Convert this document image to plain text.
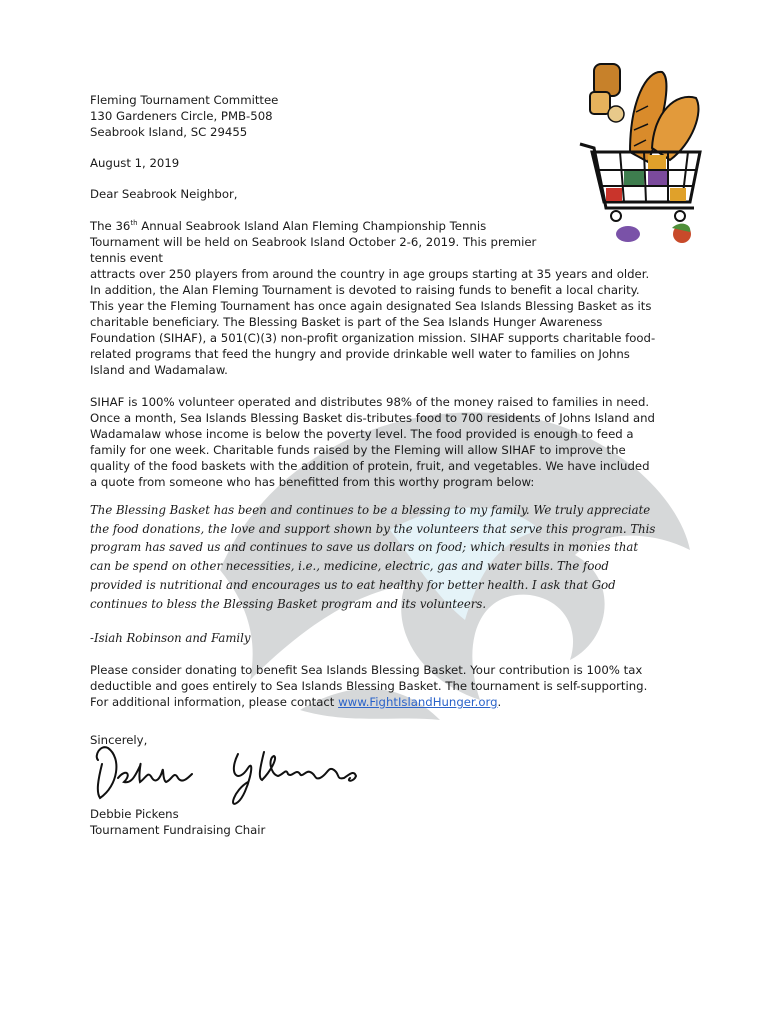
Fleming Tournament Committee
130 Gardeners Circle, PMB-508
Seabrook Island, SC 29455

August 1, 2019

Dear Seabrook Neighbor,

The 36th Annual Seabrook Island Alan Fleming Championship Tennis Tournament will be held on Seabrook Island October 2-6, 2019. This premier tennis event
attracts over 250 players from around the country in age groups starting at 35 years and older. In addition, the Alan Fleming Tournament is devoted to raising funds to benefit a local charity. This year the Fleming Tournament has once again designated Sea Islands Blessing Basket as its charitable beneficiary. The Blessing Basket is part of the Sea Islands Hunger Awareness Foundation (SIHAF), a 501(C)(3) non-profit organization mission. SIHAF supports charitable food-related programs that feed the hungry and provide drinkable well water to families on Johns Island and Wadamalaw.

SIHAF is 100% volunteer operated and distributes 98% of the money raised to families in need. Once a month, Sea Islands Blessing Basket dis-tributes food to 700 residents of Johns Island and Wadamalaw whose income is below the poverty level. The food provided is enough to feed a family for one week. Charitable funds raised by the Fleming will allow SIHAF to improve the quality of the food baskets with the addition of protein, fruit, and vegetables. We have included a quote from someone who has benefitted from this worthy program below:

The Blessing Basket has been and continues to be a blessing to my family. We truly appreciate the food donations, the love and support shown by the volunteers that serve this program. This program has saved us and continues to save us dollars on food; which results in monies that can be spend on other necessities, i.e., medicine, electric, gas and water bills. The food provided is nutritional and encourages us to eat healthy for better health. I ask that God continues to bless the Blessing Basket program and its volunteers.

-Isiah Robinson and Family

Please consider donating to benefit Sea Islands Blessing Basket. Your contribution is 100% tax deductible and goes entirely to Sea Islands Blessing Basket. The tournament is self-supporting. For additional information, please contact www.FightIslandHunger.org.

Sincerely,

Debbie Pickens
Tournament Fundraising Chair
